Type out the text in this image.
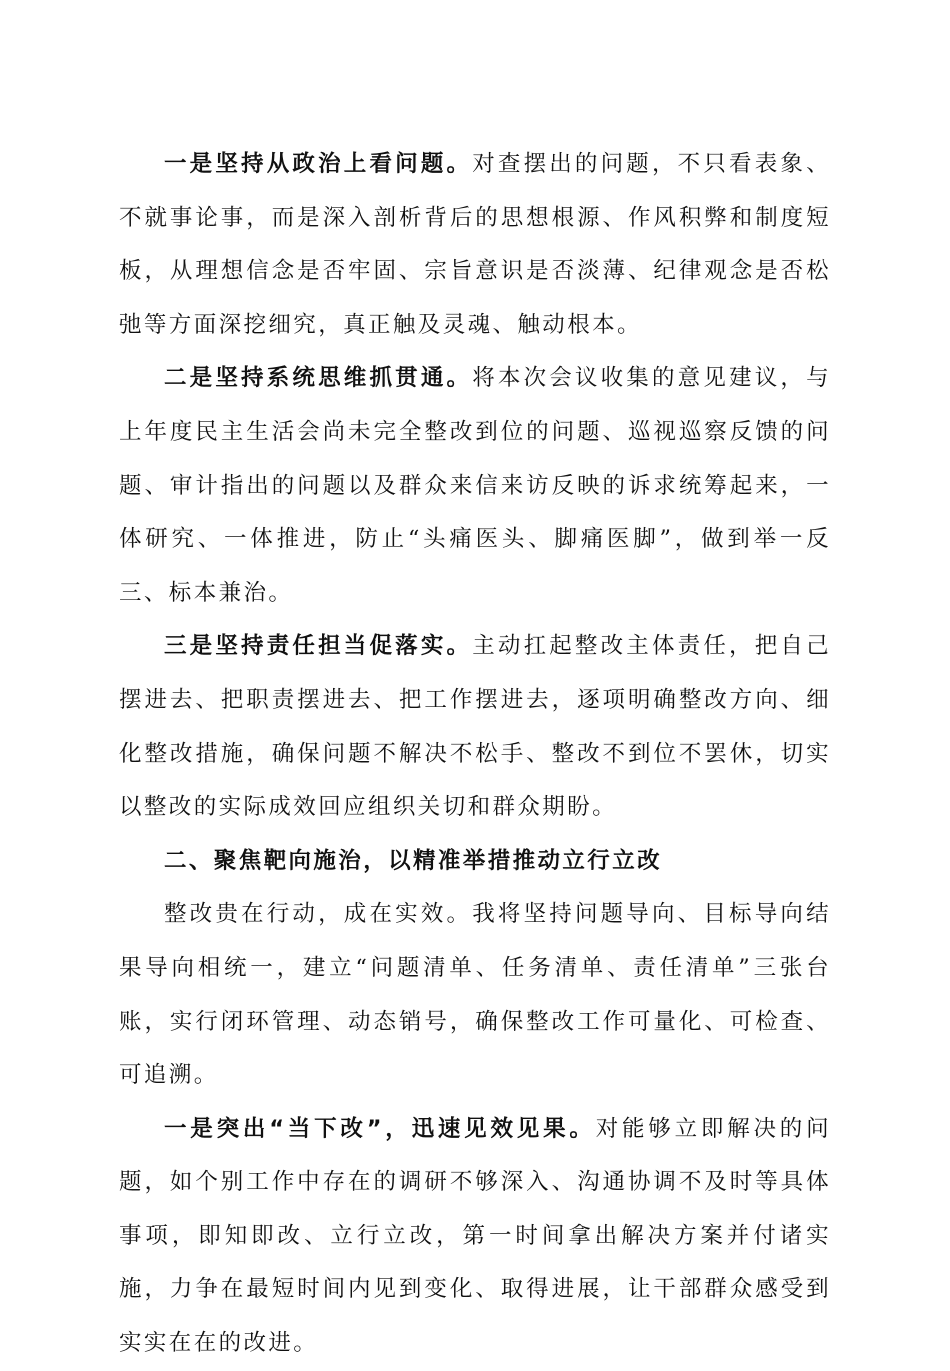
一是坚持从政治上看问题。对查摆出的问题，不只看表象、不就事论事，而是深入剖析背后的思想根源、作风积弊和制度短板，从理想信念是否牢固、宗旨意识是否淡薄、纪律观念是否松弛等方面深挖细究，真正触及灵魂、触动根本。

二是坚持系统思维抓贯通。将本次会议收集的意见建议，与上年度民主生活会尚未完全整改到位的问题、巡视巡察反馈的问题、审计指出的问题以及群众来信来访反映的诉求统筹起来，一体研究、一体推进，防止“头痛医头、脚痛医脚”，做到举一反三、标本兼治。

三是坚持责任担当促落实。主动扛起整改主体责任，把自己摆进去、把职责摆进去、把工作摆进去，逐项明确整改方向、细化整改措施，确保问题不解决不松手、整改不到位不罢休，切实以整改的实际成效回应组织关切和群众期盼。

二、聚焦靶向施治，以精准举措推动立行立改

整改贵在行动，成在实效。我将坚持问题导向、目标导向结果导向相统一，建立“问题清单、任务清单、责任清单”三张台账，实行闭环管理、动态销号，确保整改工作可量化、可检查、可追溯。

一是突出“当下改”，迅速见效见果。对能够立即解决的问题，如个别工作中存在的调研不够深入、沟通协调不及时等具体事项，即知即改、立行立改，第一时间拿出解决方案并付诸实施，力争在最短时间内见到变化、取得进展，让干部群众感受到实实在在的改进。
